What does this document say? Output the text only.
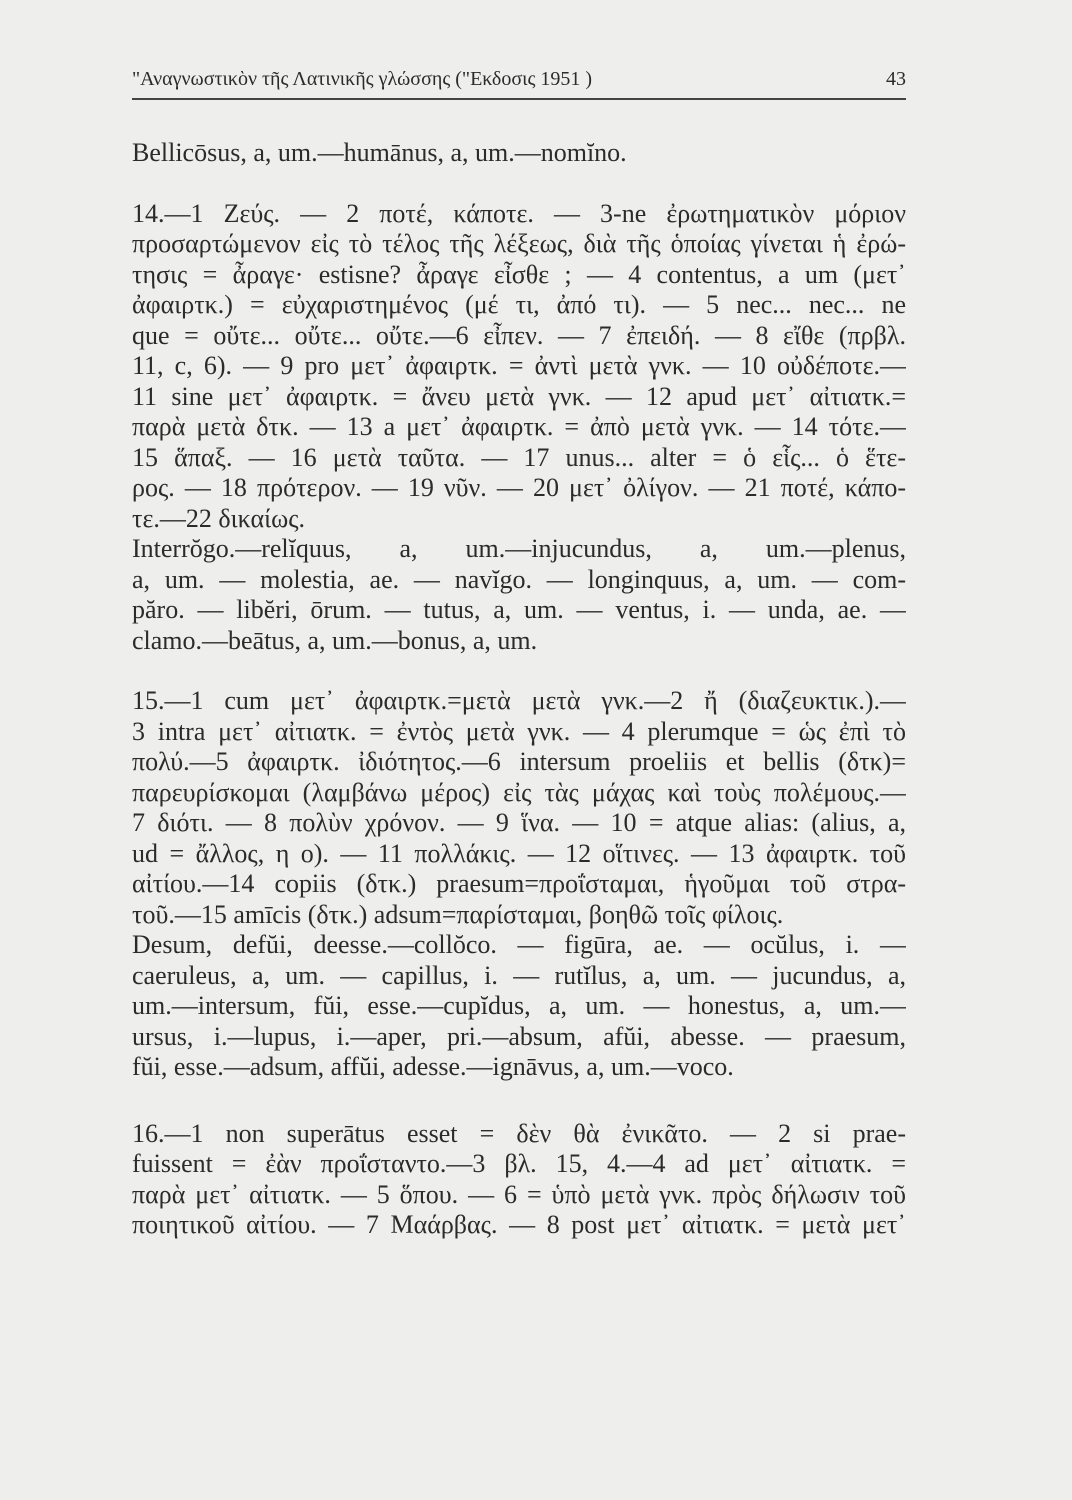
"Αναγνωστικὸν τῆς Λατινικῆς γλώσσης ("Εκδοσις 1951 )	43
Bellicōsus, a, um.—humānus, a, um.—nomĭno.
14.—1 Ζεύς. — 2 ποτέ, κάποτε. — 3-ne ἐρωτηματικὸν μόριον
προσαρτώμενον εἰς τὸ τέλος τῆς λέξεως, διὰ τῆς ὁποίας γίνεται ἡ ἐρώ-
τησις = ἆραγε· estisne? ἆραγε εἶσθε ; — 4 contentus, a um (μετ᾽
ἀφαιρτκ.) = εὐχαριστημένος (μέ τι, ἀπό τι). — 5 nec... nec... ne
que = οὔτε... οὔτε... οὔτε.—6 εἶπεν. — 7 ἐπειδή. — 8 εἴθε (πρβλ.
11, c, 6). — 9 pro μετ᾽ ἀφαιρτκ. = ἀντὶ μετὰ γνκ. — 10 οὐδέποτε.—
11 sine μετ᾽ ἀφαιρτκ. = ἄνευ μετὰ γνκ. — 12 apud μετ᾽ αἰτιατκ.=
παρὰ μετὰ δτκ. — 13 a μετ᾽ ἀφαιρτκ. = ἀπὸ μετὰ γνκ. — 14 τότε.—
15 ἅπαξ. — 16 μετὰ ταῦτα. — 17 unus... alter = ὁ εἷς... ὁ ἕτε-
ρος. — 18 πρότερον. — 19 νῦν. — 20 μετ᾽ ὀλίγον. — 21 ποτέ, κάπο-
τε.—22 δικαίως.
Interrŏgo.—relĭquus, a, um.—injucundus, a, um.—plenus,
a, um. — molestia, ae. — navĭgo. — longinquus, a, um. — com-
păro. — libĕri, ōrum. — tutus, a, um. — ventus, i. — unda, ae. —
clamo.—beātus, a, um.—bonus, a, um.
15.—1 cum μετ᾽ ἀφαιρτκ.=μετὰ μετὰ γνκ.—2 ἤ (διαζευκτικ.).—
3 intra μετ᾽ αἰτιατκ. = ἐντὸς μετὰ γνκ. — 4 plerumque = ὡς ἐπὶ τὸ
πολύ.—5 ἀφαιρτκ. ἰδιότητος.—6 intersum proeliis et bellis (δτκ)=
παρευρίσκομαι (λαμβάνω μέρος) εἰς τὰς μάχας καὶ τοὺς πολέμους.—
7 διότι. — 8 πολὺν χρόνον. — 9 ἵνα. — 10 = atque alias: (alius, a,
ud = ἄλλος, η ο). — 11 πολλάκις. — 12 οἵτινες. — 13 ἀφαιρτκ. τοῦ
αἰτίου.—14 copiis (δτκ.) praesum=προΐσταμαι, ἡγοῦμαι τοῦ στρα-
τοῦ.—15 amīcis (δτκ.) adsum=παρίσταμαι, βοηθῶ τοῖς φίλοις.
Desum, defŭi, deesse.—collŏco. — figūra, ae. — ocŭlus, i. —
caeruleus, a, um. — capillus, i. — rutĭlus, a, um. — jucundus, a,
um.—intersum, fŭi, esse.—cupĭdus, a, um. — honestus, a, um.—
ursus, i.—lupus, i.—aper, pri.—absum, afŭi, abesse. — praesum,
fŭi, esse.—adsum, affŭi, adesse.—ignāvus, a, um.—voco.
16.—1 non superātus esset = δὲν θὰ ἐνικᾶτο. — 2 si prae-
fuissent = ἐὰν προΐσταντο.—3 βλ. 15, 4.—4 ad μετ᾽ αἰτιατκ. =
παρὰ μετ᾽ αἰτιατκ. — 5 ὅπου. — 6 = ὑπὸ μετὰ γνκ. πρὸς δήλωσιν τοῦ
ποιητικοῦ αἰτίου. — 7 Μαάρβας. — 8 post μετ᾽ αἰτιατκ. = μετὰ μετ᾽
